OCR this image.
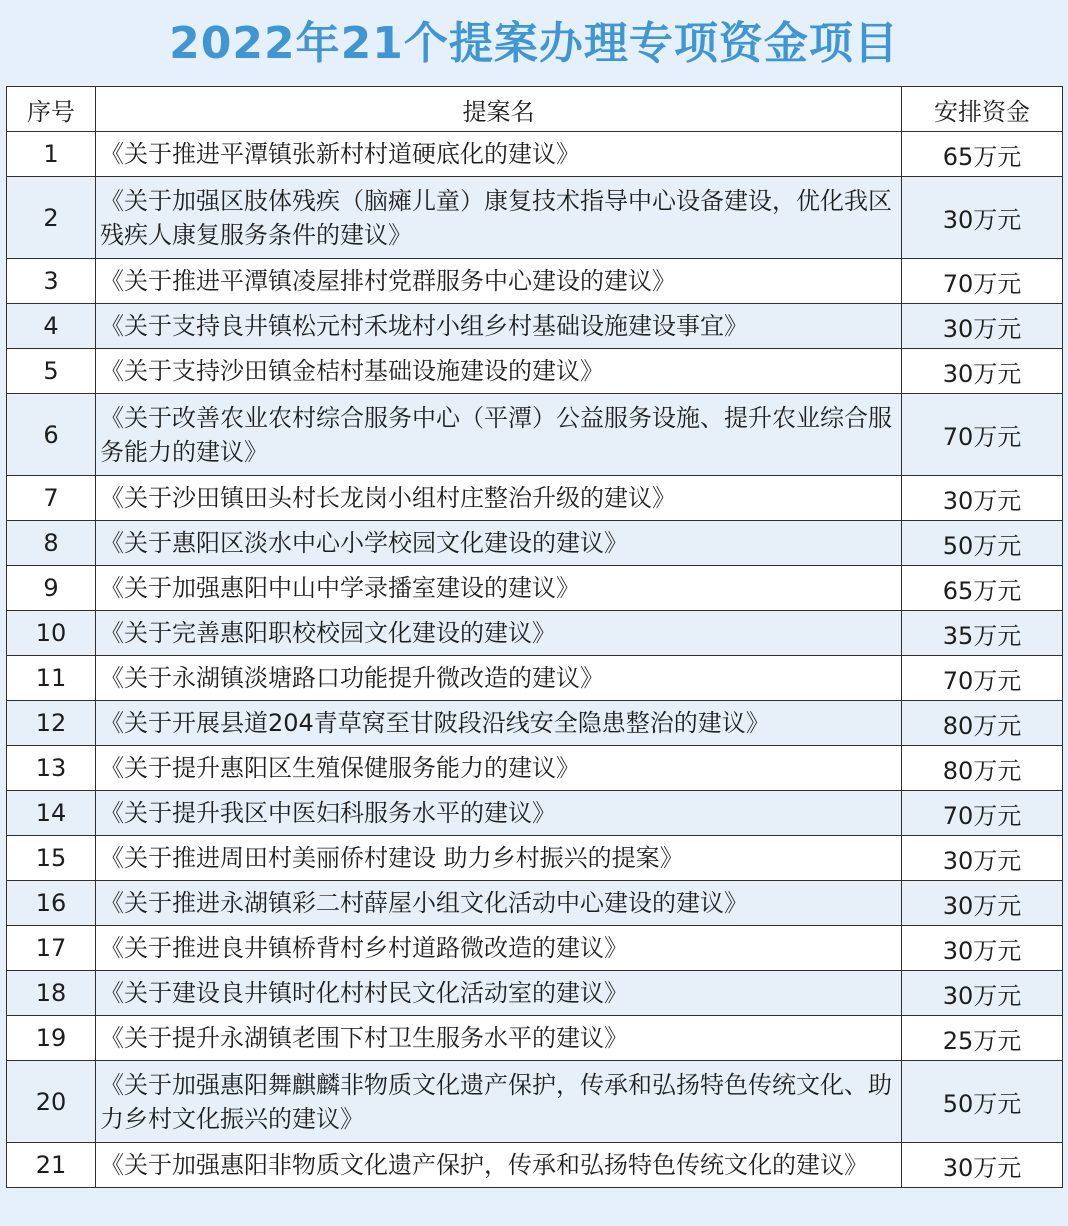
2022年21个提案办理专项资金项目
序号	提案名	安排资金
1	《关于推进平潭镇张新村村道硬底化的建议》	65万元
2	《关于加强区肢体残疾（脑瘫儿童）康复技术指导中心设备建设，优化我区残疾人康复服务条件的建议》	30万元
3	《关于推进平潭镇凌屋排村党群服务中心建设的建议》	70万元
4	《关于支持良井镇松元村禾垅村小组乡村基础设施建设事宜》	30万元
5	《关于支持沙田镇金桔村基础设施建设的建议》	30万元
6	《关于改善农业农村综合服务中心（平潭）公益服务设施、提升农业综合服务能力的建议》	70万元
7	《关于沙田镇田头村长龙岗小组村庄整治升级的建议》	30万元
8	《关于惠阳区淡水中心小学校园文化建设的建议》	50万元
9	《关于加强惠阳中山中学录播室建设的建议》	65万元
10	《关于完善惠阳职校校园文化建设的建议》	35万元
11	《关于永湖镇淡塘路口功能提升微改造的建议》	70万元
12	《关于开展县道204青草窝至甘陂段沿线安全隐患整治的建议》	80万元
13	《关于提升惠阳区生殖保健服务能力的建议》	80万元
14	《关于提升我区中医妇科服务水平的建议》	70万元
15	《关于推进周田村美丽侨村建设 助力乡村振兴的提案》	30万元
16	《关于推进永湖镇彩二村薛屋小组文化活动中心建设的建议》	30万元
17	《关于推进良井镇桥背村乡村道路微改造的建议》	30万元
18	《关于建设良井镇时化村村民文化活动室的建议》	30万元
19	《关于提升永湖镇老围下村卫生服务水平的建议》	25万元
20	《关于加强惠阳舞麒麟非物质文化遗产保护，传承和弘扬特色传统文化、助力乡村文化振兴的建议》	50万元
21	《关于加强惠阳非物质文化遗产保护，传承和弘扬特色传统文化的建议》	30万元
